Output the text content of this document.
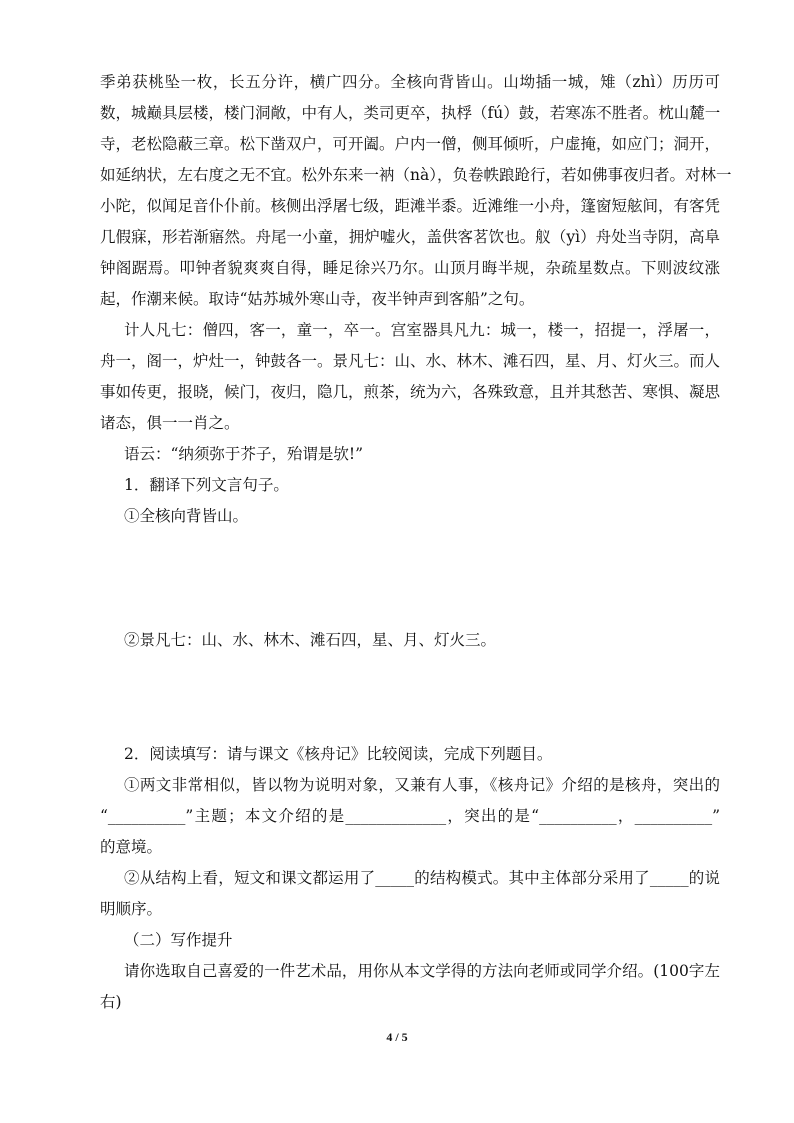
季弟获桃坠一枚，长五分许，横广四分。全核向背皆山。山坳插一城，雉（zhì）历历可
数，城巅具层楼，楼门洞敞，中有人，类司更卒，执桴（fú）鼓，若寒冻不胜者。枕山麓一
寺，老松隐蔽三章。松下凿双户，可开阖。户内一僧，侧耳倾听，户虚掩，如应门；洞开，
如延纳状，左右度之无不宜。松外东来一衲（nà），负卷帙踉跄行，若如佛事夜归者。对林一
小陀，似闻足音仆仆前。核侧出浮屠七级，距滩半黍。近滩维一小舟，篷窗短舷间，有客凭
几假寐，形若渐寤然。舟尾一小童，拥炉嘘火，盖供客茗饮也。舣（yì）舟处当寺阴，高阜
钟阁踞焉。叩钟者貌爽爽自得，睡足徐兴乃尔。山顶月晦半规，杂疏星数点。下则波纹涨
起，作潮来候。取诗“姑苏城外寒山寺，夜半钟声到客船”之句。
计人凡七：僧四，客一，童一，卒一。宫室器具凡九：城一，楼一，招提一，浮屠一，
舟一，阁一，炉灶一，钟鼓各一。景凡七：山、水、林木、滩石四，星、月、灯火三。而人
事如传更，报晓，候门，夜归，隐几，煎茶，统为六，各殊致意，且并其愁苦、寒惧、凝思
诸态，俱一一肖之。
语云：“纳须弥于芥子，殆谓是欤!”
1．翻译下列文言句子。
①全核向背皆山。
②景凡七：山、水、林木、滩石四，星、月、灯火三。
2．阅读填写：请与课文《核舟记》比较阅读，完成下列题目。
①两文非常相似，皆以物为说明对象，又兼有人事，《核舟记》介绍的是核舟，突出的
“__________”主题；本文介绍的是_____________，突出的是“__________，__________”
的意境。
②从结构上看，短文和课文都运用了_____的结构模式。其中主体部分采用了_____的说
明顺序。
（二）写作提升
请你选取自己喜爱的一件艺术品，用你从本文学得的方法向老师或同学介绍。(100字左
右)
4 / 5
